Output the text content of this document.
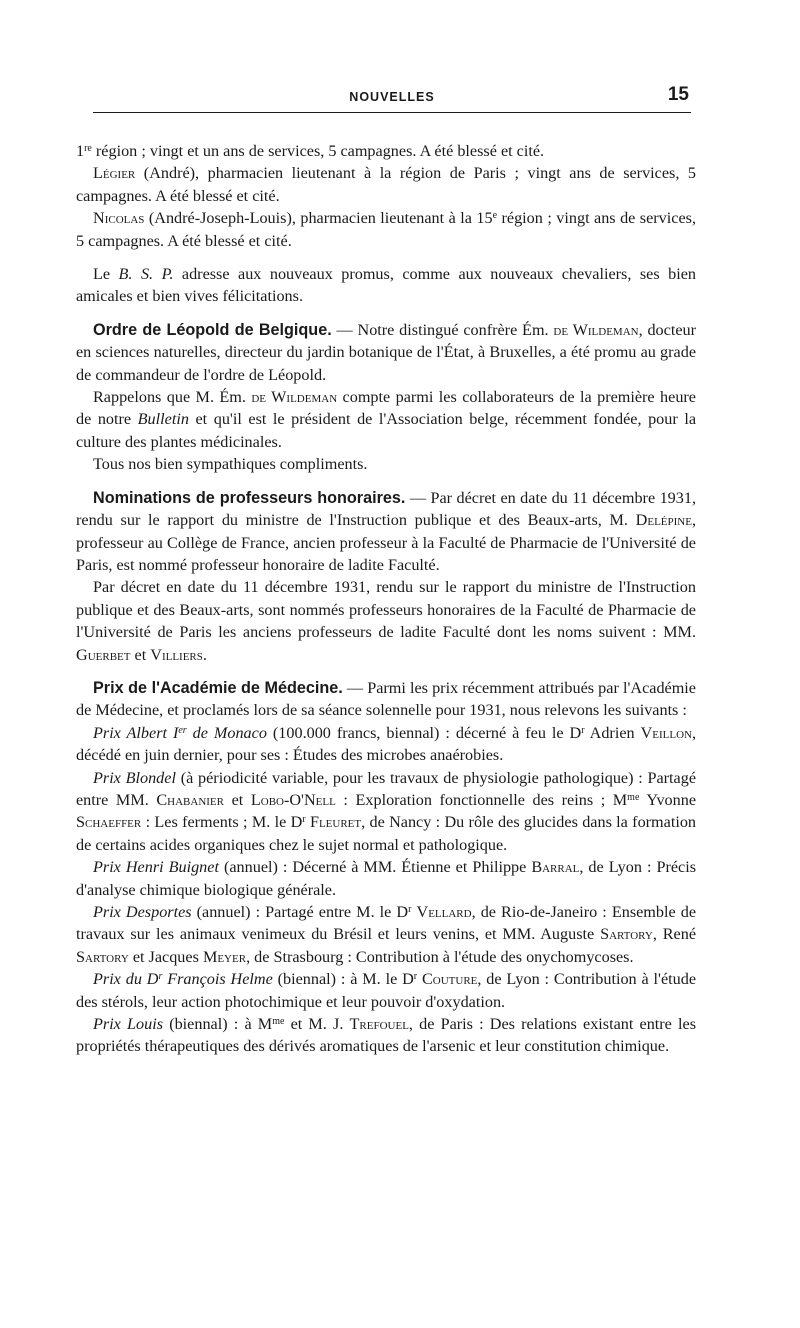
NOUVELLES	15

1re région ; vingt et un ans de services, 5 campagnes. A été blessé et cité.

Légier (André), pharmacien lieutenant à la région de Paris ; vingt ans de services, 5 campagnes. A été blessé et cité.

Nicolas (André-Joseph-Louis), pharmacien lieutenant à la 15e région ; vingt ans de services, 5 campagnes. A été blessé et cité.

Le B. S. P. adresse aux nouveaux promus, comme aux nouveaux chevaliers, ses bien amicales et bien vives félicitations.

Ordre de Léopold de Belgique. — Notre distingué confrère Ém. de Wildeman, docteur en sciences naturelles, directeur du jardin botanique de l'État, à Bruxelles, a été promu au grade de commandeur de l'ordre de Léopold.

Rappelons que M. Ém. de Wildeman compte parmi les collaborateurs de la première heure de notre Bulletin et qu'il est le président de l'Association belge, récemment fondée, pour la culture des plantes médicinales.

Tous nos bien sympathiques compliments.

Nominations de professeurs honoraires. — Par décret en date du 11 décembre 1931, rendu sur le rapport du ministre de l'Instruction publique et des Beaux-arts, M. Delépine, professeur au Collège de France, ancien professeur à la Faculté de Pharmacie de l'Université de Paris, est nommé professeur honoraire de ladite Faculté.

Par décret en date du 11 décembre 1931, rendu sur le rapport du ministre de l'Instruction publique et des Beaux-arts, sont nommés professeurs honoraires de la Faculté de Pharmacie de l'Université de Paris les anciens professeurs de ladite Faculté dont les noms suivent : MM. Guerbet et Villiers.

Prix de l'Académie de Médecine. — Parmi les prix récemment attribués par l'Académie de Médecine, et proclamés lors de sa séance solennelle pour 1931, nous relevons les suivants :

Prix Albert Ier de Monaco (100.000 francs, biennal) : décerné à feu le $D^r$ Adrien Veillon, décédé en juin dernier, pour ses : Études des microbes anaérobies.

Prix Blondel (à périodicité variable, pour les travaux de physiologie pathologique) : Partagé entre MM. Chabanier et Lobo-O'Nell : Exploration fonctionnelle des reins ; $M^{me}$ Yvonne Schaeffer : Les ferments ; M. le $D^r$ Fleuret, de Nancy : Du rôle des glucides dans la formation de certains acides organiques chez le sujet normal et pathologique.

Prix Henri Buignet (annuel) : Décerné à MM. Étienne et Philippe Barral, de Lyon : Précis d'analyse chimique biologique générale.

Prix Desportes (annuel) : Partagé entre M. le $D^r$ Vellard, de Rio-de-Janeiro : Ensemble de travaux sur les animaux venimeux du Brésil et leurs venins, et MM. Auguste Sartory, René Sartory et Jacques Meyer, de Strasbourg : Contribution à l'étude des onychomycoses.

Prix du $D^r$ François Helme (biennal) : à M. le $D^r$ Couture, de Lyon : Contribution à l'étude des stérols, leur action photochimique et leur pouvoir d'oxydation.

Prix Louis (biennal) : à $M^{me}$ et M. J. Trefouel, de Paris : Des relations existant entre les propriétés thérapeutiques des dérivés aromatiques de l'arsenic et leur constitution chimique.
